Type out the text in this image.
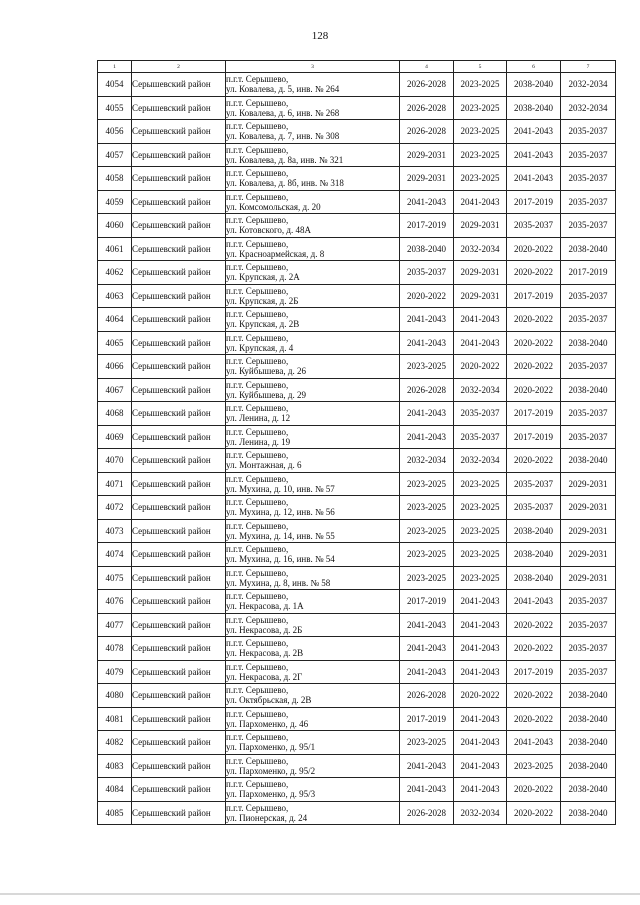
128
1	2	3	4	5	6	7
4054	Серышевский район	п.г.т. Серышево,
ул. Ковалева, д. 5, инв. № 264	2026-2028	2023-2025	2038-2040	2032-2034
4055	Серышевский район	п.г.т. Серышево,
ул. Ковалева, д. 6, инв. № 268	2026-2028	2023-2025	2038-2040	2032-2034
4056	Серышевский район	п.г.т. Серышево,
ул. Ковалева, д. 7, инв. № 308	2026-2028	2023-2025	2041-2043	2035-2037
4057	Серышевский район	п.г.т. Серышево,
ул. Ковалева, д. 8а, инв. № 321	2029-2031	2023-2025	2041-2043	2035-2037
4058	Серышевский район	п.г.т. Серышево,
ул. Ковалева, д. 8б, инв. № 318	2029-2031	2023-2025	2041-2043	2035-2037
4059	Серышевский район	п.г.т. Серышево,
ул. Комсомольская, д. 20	2041-2043	2041-2043	2017-2019	2035-2037
4060	Серышевский район	п.г.т. Серышево,
ул. Котовского, д. 48А	2017-2019	2029-2031	2035-2037	2035-2037
4061	Серышевский район	п.г.т. Серышево,
ул. Красноармейская, д. 8	2038-2040	2032-2034	2020-2022	2038-2040
4062	Серышевский район	п.г.т. Серышево,
ул. Крупская, д. 2А	2035-2037	2029-2031	2020-2022	2017-2019
4063	Серышевский район	п.г.т. Серышево,
ул. Крупская, д. 2Б	2020-2022	2029-2031	2017-2019	2035-2037
4064	Серышевский район	п.г.т. Серышево,
ул. Крупская, д. 2В	2041-2043	2041-2043	2020-2022	2035-2037
4065	Серышевский район	п.г.т. Серышево,
ул. Крупская, д. 4	2041-2043	2041-2043	2020-2022	2038-2040
4066	Серышевский район	п.г.т. Серышево,
ул. Куйбышева, д. 26	2023-2025	2020-2022	2020-2022	2035-2037
4067	Серышевский район	п.г.т. Серышево,
ул. Куйбышева, д. 29	2026-2028	2032-2034	2020-2022	2038-2040
4068	Серышевский район	п.г.т. Серышево,
ул. Ленина, д. 12	2041-2043	2035-2037	2017-2019	2035-2037
4069	Серышевский район	п.г.т. Серышево,
ул. Ленина, д. 19	2041-2043	2035-2037	2017-2019	2035-2037
4070	Серышевский район	п.г.т. Серышево,
ул. Монтажная, д. 6	2032-2034	2032-2034	2020-2022	2038-2040
4071	Серышевский район	п.г.т. Серышево,
ул. Мухина, д. 10, инв. № 57	2023-2025	2023-2025	2035-2037	2029-2031
4072	Серышевский район	п.г.т. Серышево,
ул. Мухина, д. 12, инв. № 56	2023-2025	2023-2025	2035-2037	2029-2031
4073	Серышевский район	п.г.т. Серышево,
ул. Мухина, д. 14, инв. № 55	2023-2025	2023-2025	2038-2040	2029-2031
4074	Серышевский район	п.г.т. Серышево,
ул. Мухина, д. 16, инв. № 54	2023-2025	2023-2025	2038-2040	2029-2031
4075	Серышевский район	п.г.т. Серышево,
ул. Мухина, д. 8, инв. № 58	2023-2025	2023-2025	2038-2040	2029-2031
4076	Серышевский район	п.г.т. Серышево,
ул. Некрасова, д. 1А	2017-2019	2041-2043	2041-2043	2035-2037
4077	Серышевский район	п.г.т. Серышево,
ул. Некрасова, д. 2Б	2041-2043	2041-2043	2020-2022	2035-2037
4078	Серышевский район	п.г.т. Серышево,
ул. Некрасова, д. 2В	2041-2043	2041-2043	2020-2022	2035-2037
4079	Серышевский район	п.г.т. Серышево,
ул. Некрасова, д. 2Г	2041-2043	2041-2043	2017-2019	2035-2037
4080	Серышевский район	п.г.т. Серышево,
ул. Октябрьская, д. 2В	2026-2028	2020-2022	2020-2022	2038-2040
4081	Серышевский район	п.г.т. Серышево,
ул. Пархоменко, д. 46	2017-2019	2041-2043	2020-2022	2038-2040
4082	Серышевский район	п.г.т. Серышево,
ул. Пархоменко, д. 95/1	2023-2025	2041-2043	2041-2043	2038-2040
4083	Серышевский район	п.г.т. Серышево,
ул. Пархоменко, д. 95/2	2041-2043	2041-2043	2023-2025	2038-2040
4084	Серышевский район	п.г.т. Серышево,
ул. Пархоменко, д. 95/3	2041-2043	2041-2043	2020-2022	2038-2040
4085	Серышевский район	п.г.т. Серышево,
ул. Пионерская, д. 24	2026-2028	2032-2034	2020-2022	2038-2040
